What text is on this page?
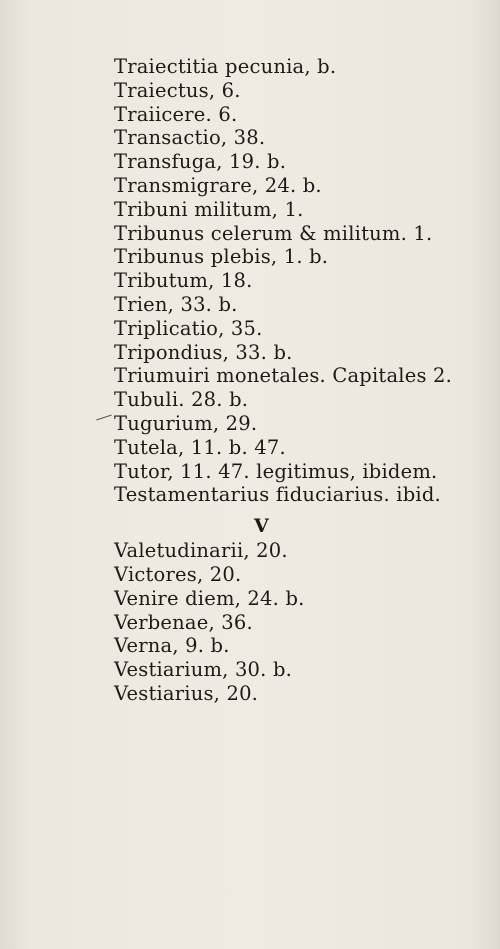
Traiectitia pecunia, b.
Traiectus, 6.
Traiicere. 6.
Transactio, 38.
Transfuga, 19. b.
Transmigrare, 24. b.
Tribuni militum, 1.
Tribunus celerum & militum. 1.
Tribunus plebis, 1. b.
Tributum, 18.
Trien, 33. b.
Triplicatio, 35.
Tripondius, 33. b.
Triumuiri monetales. Capitales 2.
Tubuli. 28. b.
Tugurium, 29.
Tutela, 11. b. 47.
Tutor, 11. 47. legitimus, ibidem.
Testamentarius fiduciarius. ibid.
V
Valetudinarii, 20.
Victores, 20.
Venire diem, 24. b.
Verbenae, 36.
Verna, 9. b.
Vestiarium, 30. b.
Vestiarius, 20.
